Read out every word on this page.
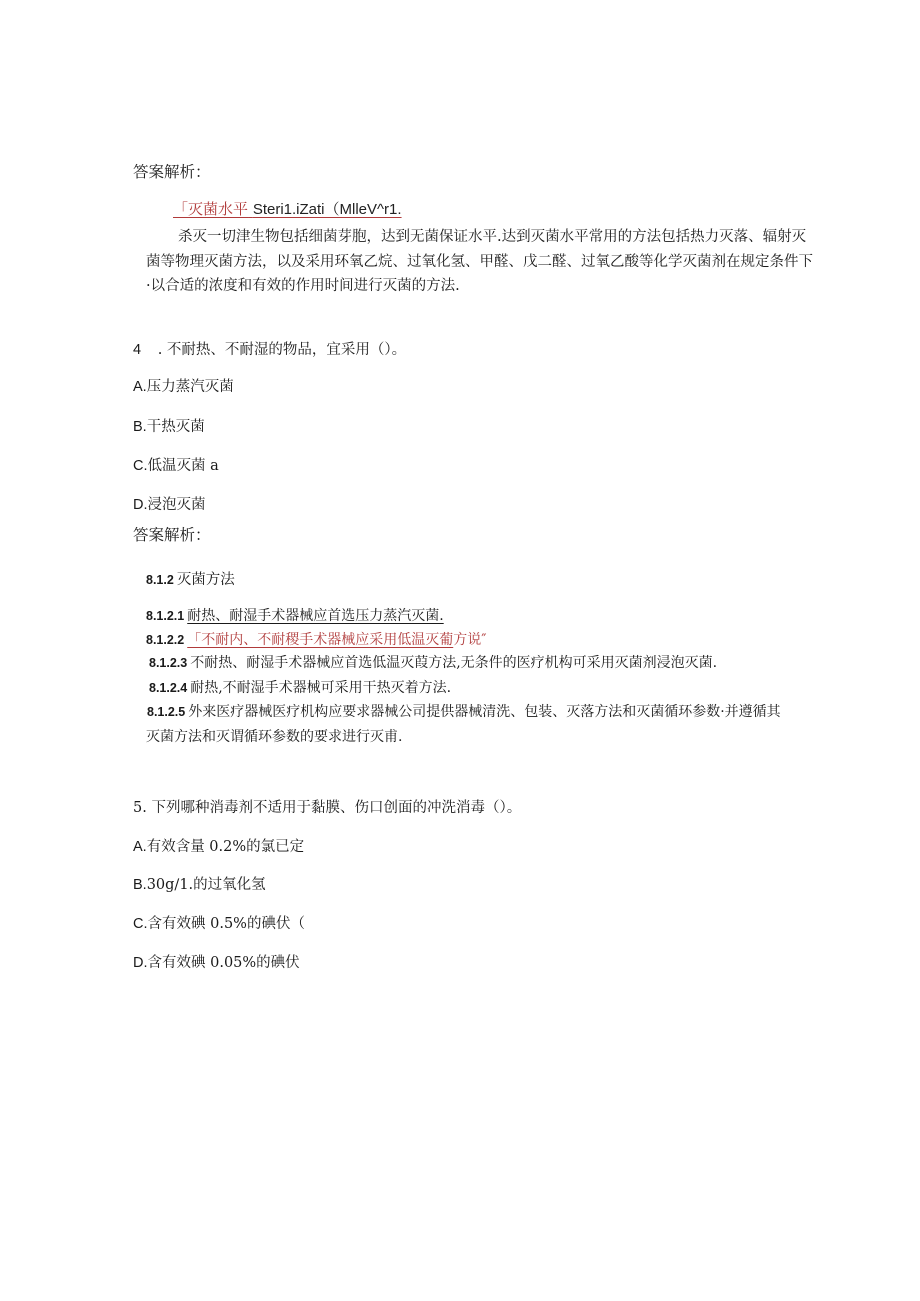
答案解析：
「灭菌水平 Steri1.iZati（MlleV^r1.
杀灭一切津生物包括细菌芽胞，达到无菌保证水平.达到灭菌水平常用的方法包括热力灭落、辐射灭
菌等物理灭菌方法，以及采用环氧乙烷、过氧化氢、甲醛、戊二醛、过氧乙酸等化学灭菌剂在规定条件下
·以合适的浓度和有效的作用时间进行灭菌的方法.
4 . 不耐热、不耐湿的物品，宜采用（）。
A.压力蒸汽灭菌
B.干热灭菌
C.低温灭菌 a
D.浸泡灭菌
答案解析：
8.1.2 灭菌方法
8.1.2.1 耐热、耐湿手术器械应首选压力蒸汽灭菌.
8.1.2.2 「不耐内、不耐稷手术器械应采用低温灭葡方说″
8.1.2.3 不耐热、耐湿手术器械应首选低温灭葭方法,无条件的医疗机构可采用灭菌剂浸泡灭菌.
8.1.2.4 耐热,不耐湿手术器械可采用干热灭着方法.
8.1.2.5 外来医疗器械医疗机构应要求器械公司提供器械清洗、包装、灭落方法和灭菌循环参数·并遵循其
灭菌方法和灭谓循环参数的要求进行灭甫.
5. 下列哪种消毒剂不适用于黏膜、伤口创面的冲洗消毒（）。
A.有效含量 0.2%的氯已定
B.30g∕1.的过氧化氢
C.含有效碘 0.5%的碘伏（
D.含有效碘 0.05%的碘伏
